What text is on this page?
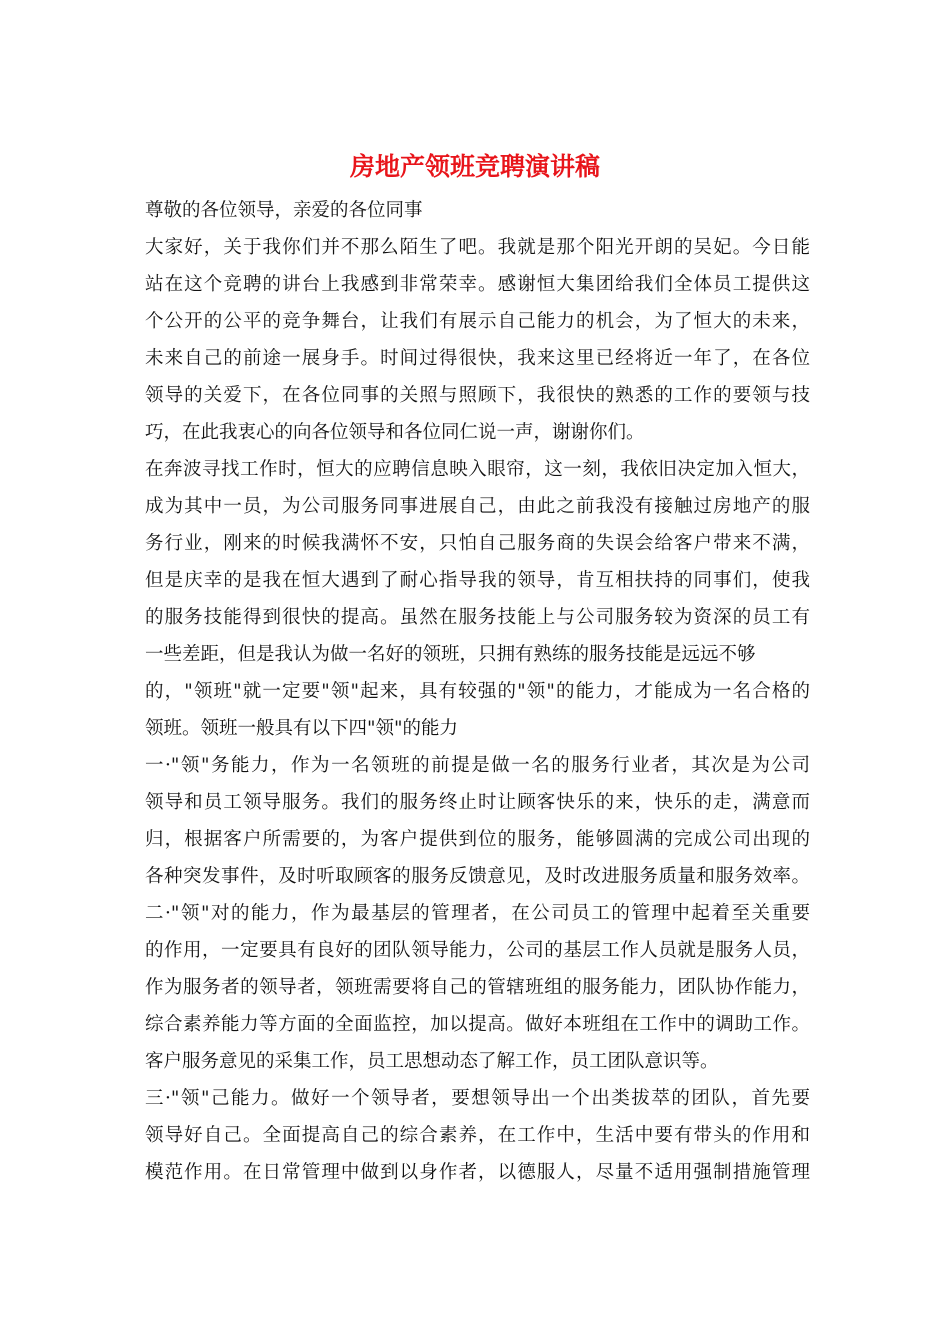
房地产领班竞聘演讲稿
尊敬的各位领导，亲爱的各位同事
大家好，关于我你们并不那么陌生了吧。我就是那个阳光开朗的吴妃。今日能
站在这个竞聘的讲台上我感到非常荣幸。感谢恒大集团给我们全体员工提供这
个公开的公平的竞争舞台，让我们有展示自己能力的机会，为了恒大的未来，
未来自己的前途一展身手。时间过得很快，我来这里已经将近一年了，在各位
领导的关爱下，在各位同事的关照与照顾下，我很快的熟悉的工作的要领与技
巧，在此我衷心的向各位领导和各位同仁说一声，谢谢你们。
在奔波寻找工作时，恒大的应聘信息映入眼帘，这一刻，我依旧决定加入恒大，
成为其中一员，为公司服务同事进展自己，由此之前我没有接触过房地产的服
务行业，刚来的时候我满怀不安，只怕自己服务商的失误会给客户带来不满，
但是庆幸的是我在恒大遇到了耐心指导我的领导，肯互相扶持的同事们，使我
的服务技能得到很快的提高。虽然在服务技能上与公司服务较为资深的员工有
一些差距，但是我认为做一名好的领班，只拥有熟练的服务技能是远远不够
的，"领班"就一定要"领"起来，具有较强的"领"的能力，才能成为一名合格的
领班。领班一般具有以下四"领"的能力
一·"领"务能力，作为一名领班的前提是做一名的服务行业者，其次是为公司
领导和员工领导服务。我们的服务终止时让顾客快乐的来，快乐的走，满意而
归，根据客户所需要的，为客户提供到位的服务，能够圆满的完成公司出现的
各种突发事件，及时听取顾客的服务反馈意见，及时改进服务质量和服务效率。
二·"领"对的能力，作为最基层的管理者，在公司员工的管理中起着至关重要
的作用，一定要具有良好的团队领导能力，公司的基层工作人员就是服务人员，
作为服务者的领导者，领班需要将自己的管辖班组的服务能力，团队协作能力，
综合素养能力等方面的全面监控，加以提高。做好本班组在工作中的调助工作。
客户服务意见的采集工作，员工思想动态了解工作，员工团队意识等。
三·"领"己能力。做好一个领导者，要想领导出一个出类拔萃的团队，首先要
领导好自己。全面提高自己的综合素养，在工作中，生活中要有带头的作用和
模范作用。在日常管理中做到以身作者，以德服人，尽量不适用强制措施管理
